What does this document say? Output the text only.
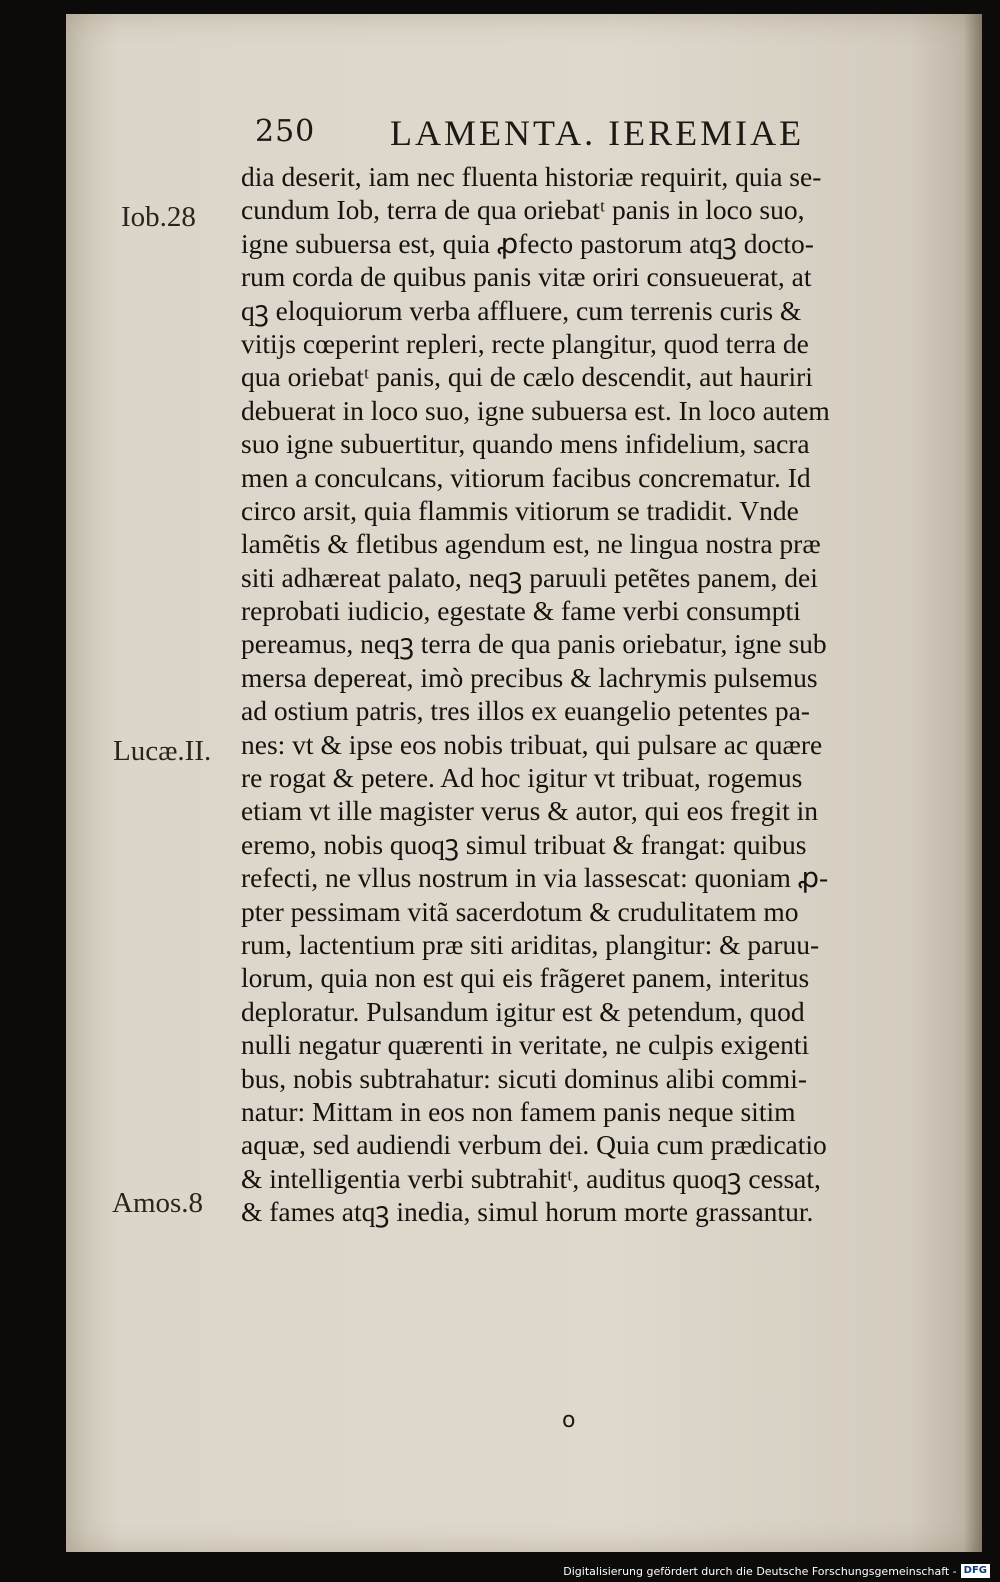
250 LAMENTA. IEREMIAE
Iob.28
Lucæ.II.
Amos.8
dia deserit, iam nec fluenta historiæ requirit, quia se-
cundum Iob, terra de qua oriebatᵗ panis in loco suo,
igne subuersa est, quia ꝓfecto pastorum atqꝫ docto-
rum corda de quibus panis vitæ oriri consueuerat, at
qꝫ eloquiorum verba affluere, cum terrenis curis &
vitijs cœperint repleri, recte plangitur, quod terra de
qua oriebatᵗ panis, qui de cælo descendit, aut hauriri
debuerat in loco suo, igne subuersa est. In loco autem
suo igne subuertitur, quando mens infidelium, sacra
men a conculcans, vitiorum facibus concrematur. Id
circo arsit, quia flammis vitiorum se tradidit. Vnde
lamẽtis & fletibus agendum est, ne lingua nostra præ
siti adhæreat palato, neqꝫ paruuli petẽtes panem, dei
reprobati iudicio, egestate & fame verbi consumpti
pereamus, neqꝫ terra de qua panis oriebatur, igne sub
mersa depereat, imò precibus & lachrymis pulsemus
ad ostium patris, tres illos ex euangelio petentes pa-
nes: vt & ipse eos nobis tribuat, qui pulsare ac quære
re rogat & petere. Ad hoc igitur vt tribuat, rogemus
etiam vt ille magister verus & autor, qui eos fregit in
eremo, nobis quoqꝫ simul tribuat & frangat: quibus
refecti, ne vllus nostrum in via lassescat: quoniam ꝓ-
pter pessimam vitã sacerdotum & crudulitatem mo
rum, lactentium præ siti ariditas, plangitur: & paruu-
lorum, quia non est qui eis frãgeret panem, interitus
deploratur. Pulsandum igitur est & petendum, quod
nulli negatur quærenti in veritate, ne culpis exigenti
bus, nobis subtrahatur: sicuti dominus alibi commi-
natur: Mittam in eos non famem panis neque sitim
aquæ, sed audiendi verbum dei. Quia cum prædicatio
& intelligentia verbi subtrahitᵗ, auditus quoqꝫ cessat,
& fames atqꝫ inedia, simul horum morte grassantur.
o
Digitalisierung gefördert durch die Deutsche Forschungsgemeinschaft - DFG
